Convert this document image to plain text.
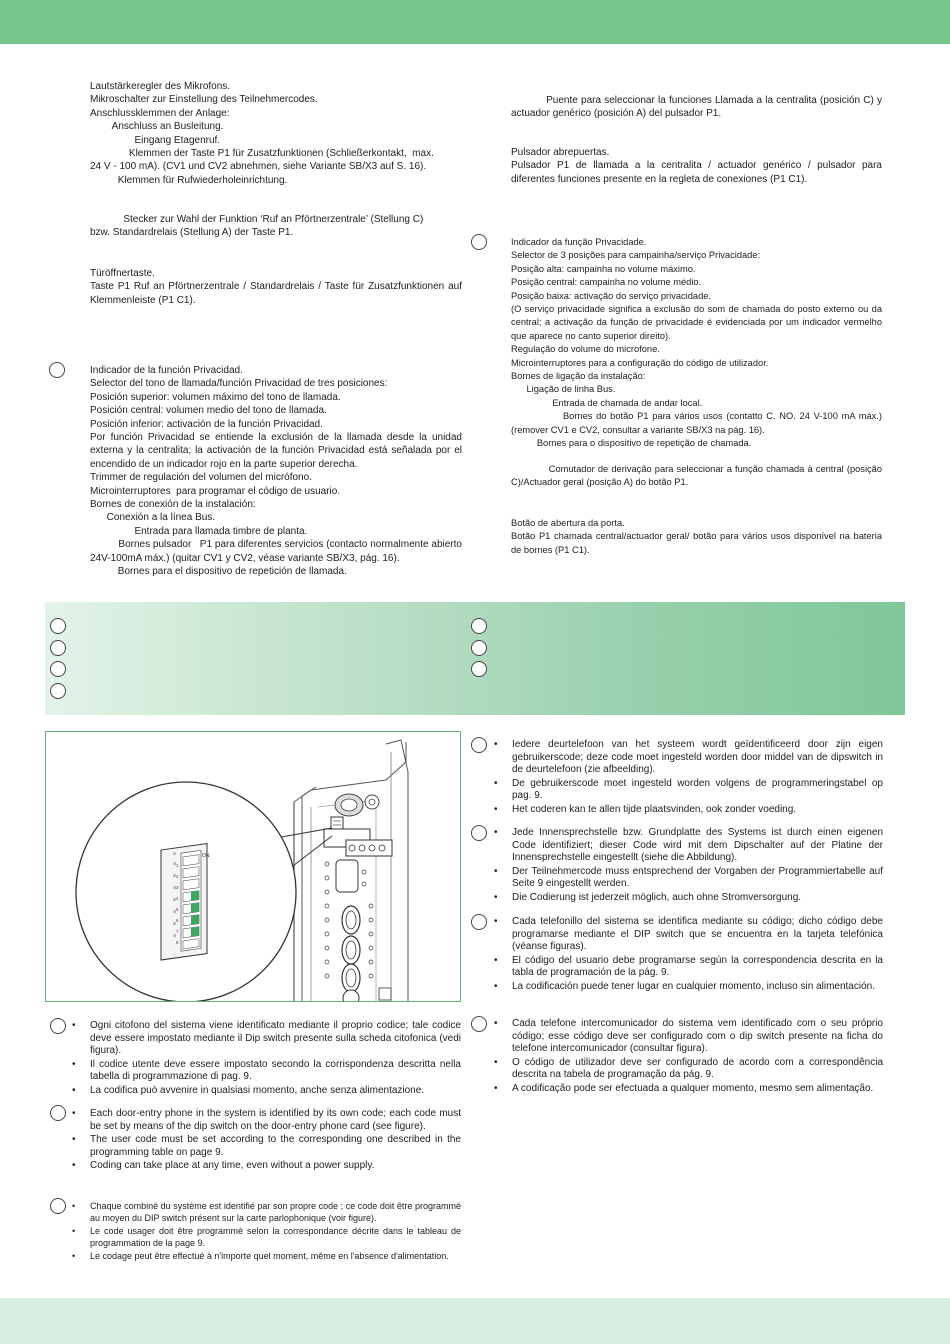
Lautstärkeregler des Mikrofons.
Mikroschalter zur Einstellung des Teilnehmercodes.
Anschlussklemmen der Anlage:
Anschluss an Busleitung.
Eingang Etagenruf.
Klemmen der Taste P1 für Zusatzfunktionen (Schließerkontakt,  max.
24 V - 100 mA). (CV1 und CV2 abnehmen, siehe Variante SB/X3 auf S. 16).
Klemmen für Rufwiederholeinrichtung.
Stecker zur Wahl der Funktion ‘Ruf an Pförtnerzentrale’ (Stellung C)
bzw. Standardrelais (Stellung A) der Taste P1.
Türöffnertaste.
Taste P1 Ruf an Pförtnerzentrale / Standardrelais / Taste für Zusatzfunktionen auf Klemmenleiste (P1 C1).
Indicador de la función Privacidad.
Selector del tono de llamada/función Privacidad de tres posiciones:
Posición superior: volumen máximo del tono de llamada.
Posición central: volumen medio del tono de llamada.
Posición inferior: activación de la función Privacidad.
Por función Privacidad se entiende la exclusión de la llamada desde la unidad externa y la centralita; la activación de la función Privacidad está señalada por el encendido de un indicador rojo en la parte superior derecha.
Trimmer de regulación del volumen del micrófono.
Microinterruptores  para programar el código de usuario.
Bornes de conexión de la instalación:
Conexión a la línea Bus.
Entrada para llamada timbre de planta.
Bornes pulsador   P1 para diferentes servicios (contacto normalmente abierto 24V-100mA máx.) (quitar CV1 y CV2, véase variante SB/X3, pág. 16).
Bornes para el dispositivo de repetición de llamada.
Puente para seleccionar la funciones Llamada a la centralita (posición C) y actuador genérico (posición A) del pulsador P1.
Pulsador abrepuertas.
Pulsador P1 de llamada a la centralita / actuador genérico / pulsador para diferentes funciones presente en la regleta de conexiones (P1 C1).
Indicador da função Privacidade.
Selector de 3 posições para campainha/serviço Privacidade:
Posição alta: campainha no volume máximo.
Posição central: campainha no volume médio.
Posição baixa: activação do serviço privacidade.
(O serviço privacidade significa a exclusão do som de chamada do posto externo ou da central; a activação da função de privacidade é evidenciada por um indicador vermelho que aparece no canto superior direito).
Regulação do volume do microfone.
Microinterruptores para a configuração do código de utilizador.
Bornes de ligação da instalação:
Ligação de linha Bus.
Entrada de chamada de andar local.
Bornes do botão P1 para vários usos (contatto C. NO. 24 V-100 mA máx.) (remover CV1 e CV2, consultar a variante SB/X3 na pág. 16).
Bornes para o dispositivo de repetição de chamada.
Comutador de derivação para seleccionar a função chamada à central (posição C)/Actuador geral (posição A) do botão P1.
Botão de abertura da porta.
Botão P1 chamada central/actuador geral/ botão para vários usos disponível na bateria de bornes (P1 C1).
ON
1
2
3
4
5
6
7
8
• Iedere deurtelefoon van het systeem wordt geïdentificeerd door zijn eigen gebruikerscode; deze code moet ingesteld worden door middel van de dipswitch in de deurtelefoon (zie afbeelding).
• De gebruikerscode moet ingesteld worden volgens de programmeringstabel op pag. 9.
• Het coderen kan te allen tijde plaatsvinden, ook zonder voeding.
• Jede Innensprechstelle bzw. Grundplatte des Systems ist durch einen eigenen Code identifiziert; dieser Code wird mit dem Dipschalter auf der Platine der Innensprechstelle eingestellt (siehe die Abbildung).
• Der Teilnehmercode muss entsprechend der Vorgaben der Programmiertabelle auf Seite 9 eingestellt werden.
• Die Codierung ist jederzeit möglich, auch ohne Stromversorgung.
• Cada telefonillo del sistema se identifica mediante su código; dicho código debe programarse mediante el DIP switch que se encuentra en la tarjeta telefónica (véanse figuras).
• El código del usuario debe programarse según la correspondencia descrita en la tabla de programación de la pág. 9.
• La codificación puede tener lugar en cualquier momento, incluso sin alimentación.
• Cada telefone intercomunicador do sistema vem identificado com o seu próprio código; esse código deve ser configurado com o dip switch presente na ficha do telefone intercomunicador (consultar figura).
• O código de utilizador deve ser configurado de acordo com a correspondência descrita na tabela de programação da pág. 9.
• A codificação pode ser efectuada a qualquer momento, mesmo sem alimentação.
• Ogni citofono del sistema viene identificato mediante il proprio codice; tale codice deve essere impostato mediante il Dip switch presente sulla scheda citofonica (vedi figura).
• Il codice utente deve essere impostato secondo la corrispondenza descritta nella tabella di programmazione di pag. 9.
• La codifica può avvenire in qualsiasi momento, anche senza alimentazione.
• Each door-entry phone in the system is identified by its own code; each code must be set by means of the dip switch on the door-entry phone card (see figure).
• The user code must be set according to the corresponding one described in the programming table on page 9.
• Coding can take place at any time, even without a power supply.
• Chaque combiné du système est identifié par son propre code ; ce code doit être programmé au moyen du DIP switch présent sur la carte parlophonique (voir figure).
• Le code usager doit être programmé selon la correspondance décrite dans le tableau de programmation de la page 9.
• Le codage peut être effectué à n'importe quel moment, même en l'absence d'alimentation.
